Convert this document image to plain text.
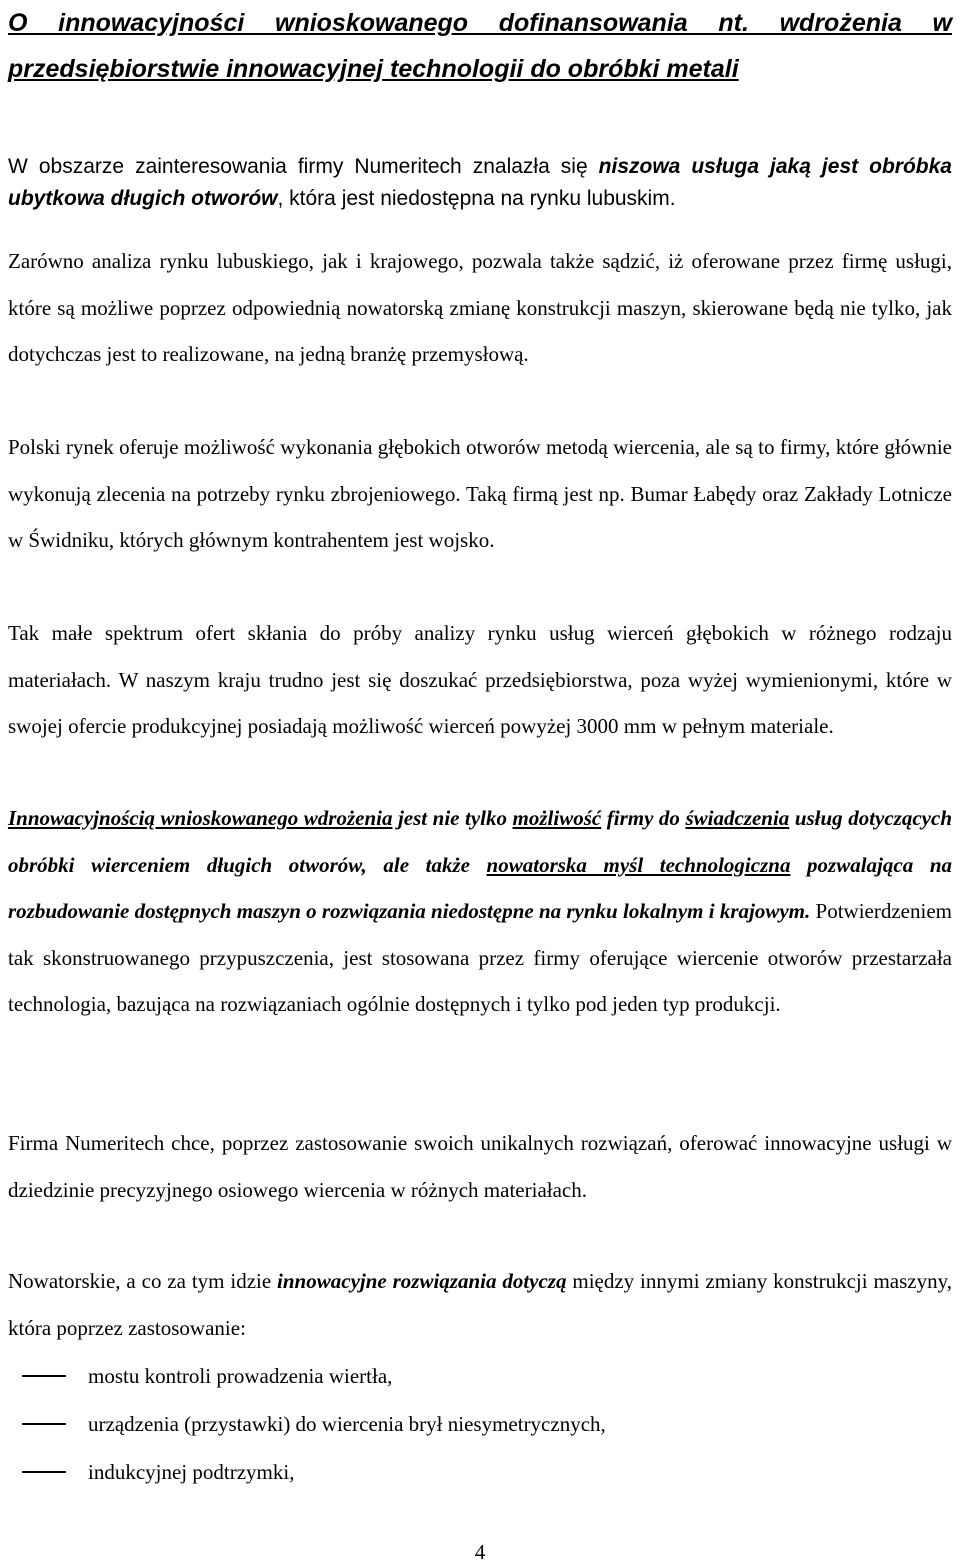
O innowacyjności wnioskowanego dofinansowania nt. wdrożenia w przedsiębiorstwie innowacyjnej technologii do obróbki metali

W obszarze zainteresowania firmy Numeritech znalazła się niszowa usługa jaką jest obróbka ubytkowa długich otworów, która jest niedostępna na rynku lubuskim.

Zarówno analiza rynku lubuskiego, jak i krajowego, pozwala także sądzić, iż oferowane przez firmę usługi, które są możliwe poprzez odpowiednią nowatorską zmianę konstrukcji maszyn, skierowane będą nie tylko, jak dotychczas jest to realizowane, na jedną branżę przemysłową.

Polski rynek oferuje możliwość wykonania głębokich otworów metodą wiercenia, ale są to firmy, które głównie wykonują zlecenia na potrzeby rynku zbrojeniowego. Taką firmą jest np. Bumar Łabędy oraz Zakłady Lotnicze w Świdniku, których głównym kontrahentem jest wojsko.

Tak małe spektrum ofert skłania do próby analizy rynku usług wierceń głębokich w różnego rodzaju materiałach. W naszym kraju trudno jest się doszukać przedsiębiorstwa, poza wyżej wymienionymi, które w swojej ofercie produkcyjnej posiadają możliwość wierceń powyżej 3000 mm w pełnym materiale.

Innowacyjnością wnioskowanego wdrożenia jest nie tylko możliwość firmy do świadczenia usług dotyczących obróbki wierceniem długich otworów, ale także nowatorska myśl technologiczna pozwalająca na rozbudowanie dostępnych maszyn o rozwiązania niedostępne na rynku lokalnym i krajowym. Potwierdzeniem tak skonstruowanego przypuszczenia, jest stosowana przez firmy oferujące wiercenie otworów przestarzała technologia, bazująca na rozwiązaniach ogólnie dostępnych i tylko pod jeden typ produkcji.

Firma Numeritech chce, poprzez zastosowanie swoich unikalnych rozwiązań, oferować innowacyjne usługi w dziedzinie precyzyjnego osiowego wiercenia w różnych materiałach.

Nowatorskie, a co za tym idzie innowacyjne rozwiązania dotyczą między innymi zmiany konstrukcji maszyny, która poprzez zastosowanie:

mostu kontroli prowadzenia wiertła,
urządzenia (przystawki) do wiercenia brył niesymetrycznych,
indukcyjnej podtrzymki,
4
